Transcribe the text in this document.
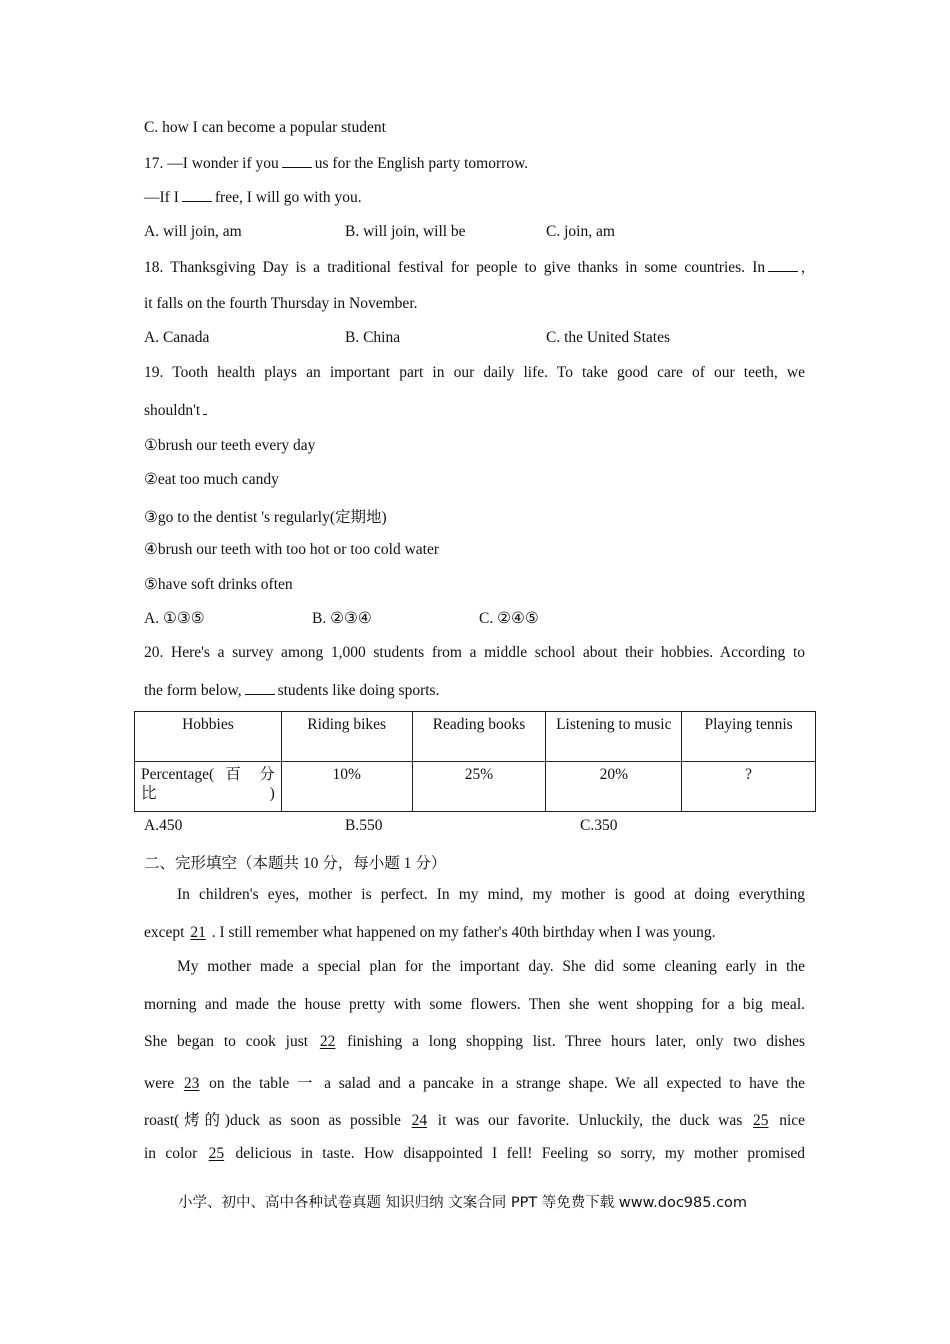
C. how I can become a popular student
17. —I wonder if you us for the English party tomorrow.
—If I free, I will go with you.
A. will join, am	B. will join, will be	C. join, am
18. Thanksgiving Day is a traditional festival for people to give thanks in some countries. In ,
it falls on the fourth Thursday in November.
A. Canada	B. China	C. the United States
19. Tooth health plays an important part in our daily life. To take good care of our teeth, we
shouldn't
①brush our teeth every day
②eat too much candy
③go to the dentist 's regularly(定期地)
④brush our teeth with too hot or too cold water
⑤have soft drinks often
A. ①③⑤	B. ②③④	C. ②④⑤
20. Here's a survey among 1,000 students from a middle school about their hobbies. According to
the form below, students like doing sports.
Hobbies	Riding bikes	Reading books	Listening to music	Playing tennis
Percentage( 百 分 比)	10%	25%	20%	?
A.450	B.550	C.350
二、完形填空（本题共 10 分，每小题 1 分）
In children's eyes, mother is perfect. In my mind, my mother is good at doing everything
except 21 . I still remember what happened on my father's 40th birthday when I was young.
My mother made a special plan for the important day. She did some cleaning early in the
morning and made the house pretty with some flowers. Then she went shopping for a big meal.
She began to cook just 22 finishing a long shopping list. Three hours later, only two dishes
were 23 on the table 一 a salad and a pancake in a strange shape. We all expected to have the
roast(烤的)duck as soon as possible 24 it was our favorite. Unluckily, the duck was 25 nice
in color 25 delicious in taste. How disappointed I fell! Feeling so sorry, my mother promised
小学、初中、高中各种试卷真题 知识归纳 文案合同 PPT 等免费下载 www.doc985.com
